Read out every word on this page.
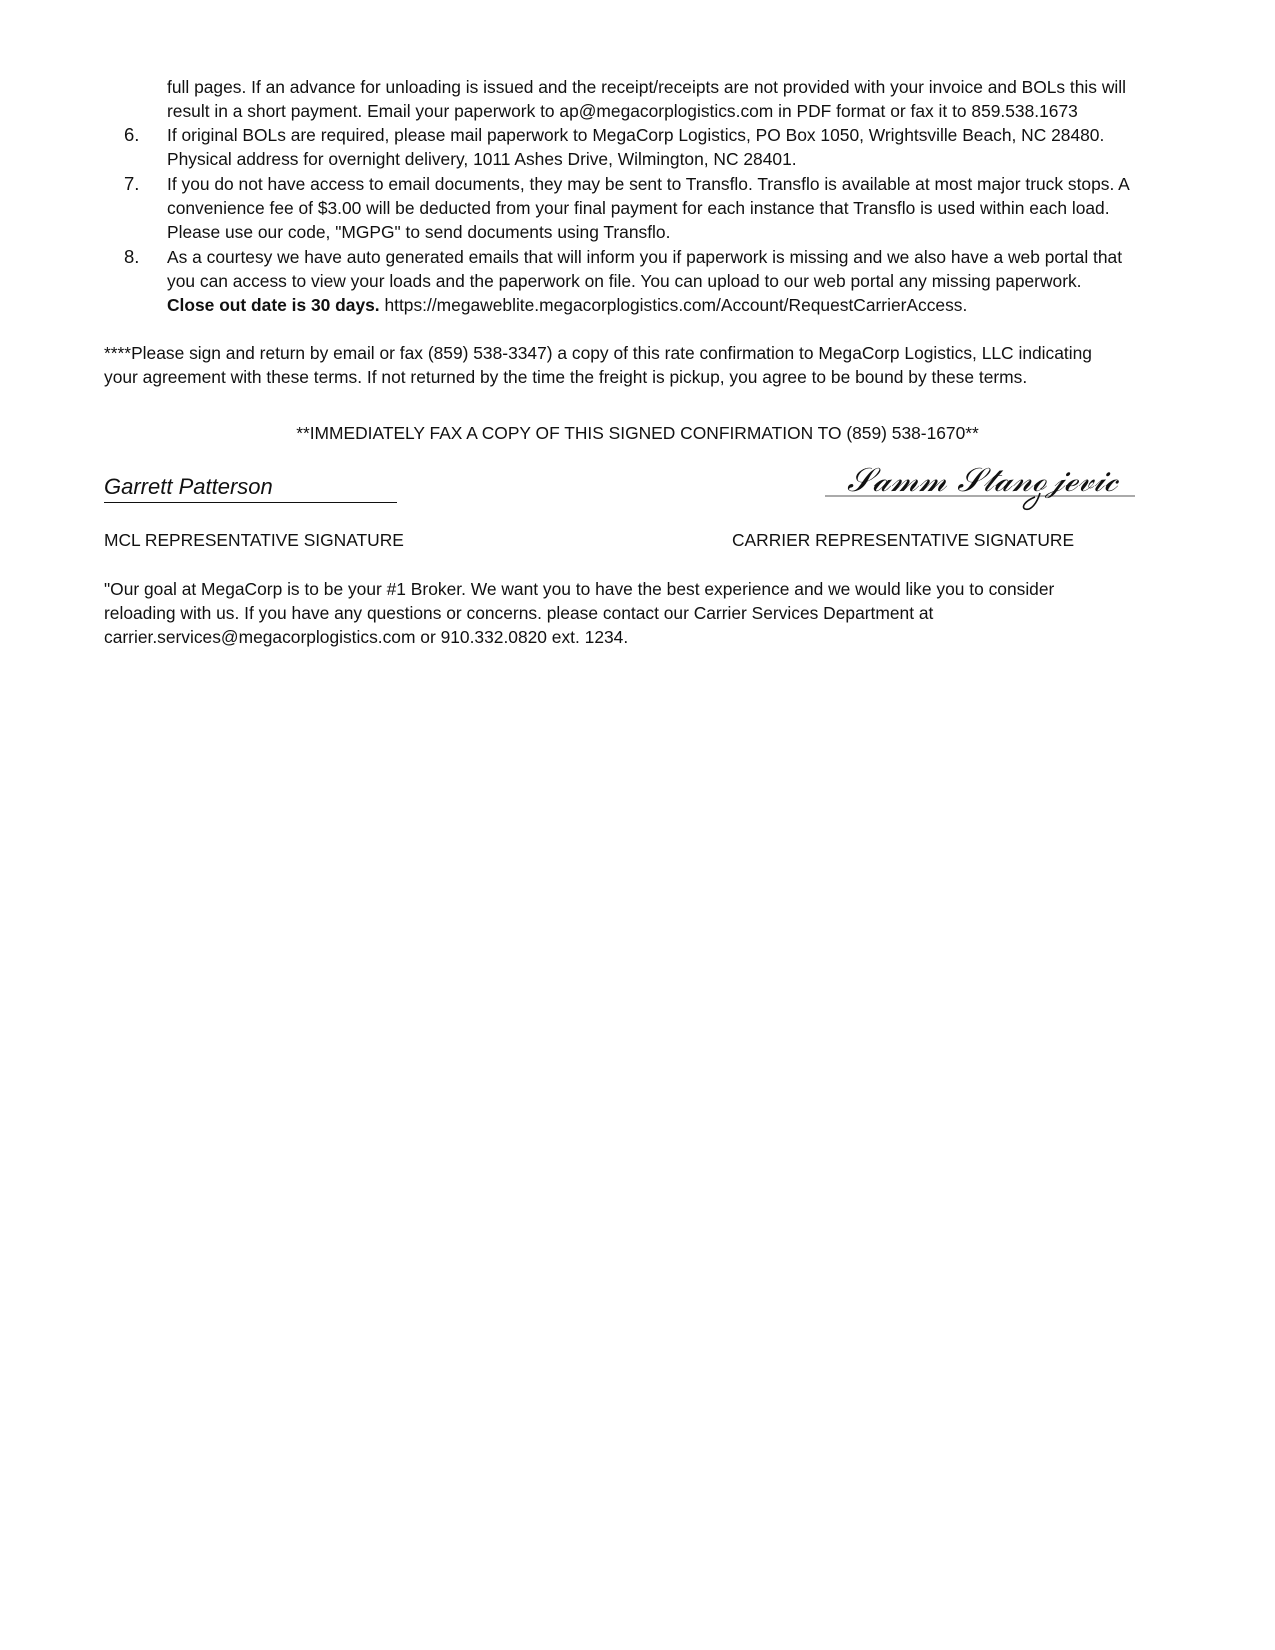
full pages. If an advance for unloading is issued and the receipt/receipts are not provided with your invoice and BOLs this will
result in a short payment. Email your paperwork to ap@megacorplogistics.com in PDF format or fax it to 859.538.1673
6. If original BOLs are required, please mail paperwork to MegaCorp Logistics, PO Box 1050, Wrightsville Beach, NC 28480.
Physical address for overnight delivery, 1011 Ashes Drive, Wilmington, NC 28401.
7. If you do not have access to email documents, they may be sent to Transflo. Transflo is available at most major truck stops. A
convenience fee of $3.00 will be deducted from your final payment for each instance that Transflo is used within each load.
Please use our code, "MGPG" to send documents using Transflo.
8. As a courtesy we have auto generated emails that will inform you if paperwork is missing and we also have a web portal that
you can access to view your loads and the paperwork on file. You can upload to our web portal any missing paperwork.
Close out date is 30 days. https://megaweblite.megacorplogistics.com/Account/RequestCarrierAccess.
****Please sign and return by email or fax (859) 538-3347) a copy of this rate confirmation to MegaCorp Logistics, LLC indicating
your agreement with these terms. If not returned by the time the freight is pickup, you agree to be bound by these terms.
**IMMEDIATELY FAX A COPY OF THIS SIGNED CONFIRMATION TO (859) 538-1670**
Garrett Patterson	𝒮𝒶𝓂𝓂 𝒮𝓉𝒶𝓃ℴ𝒿ℯ𝓋𝒾𝒸
MCL REPRESENTATIVE SIGNATURE	CARRIER REPRESENTATIVE SIGNATURE
"Our goal at MegaCorp is to be your #1 Broker. We want you to have the best experience and we would like you to consider
reloading with us. If you have any questions or concerns. please contact our Carrier Services Department at
carrier.services@megacorplogistics.com or 910.332.0820 ext. 1234.
